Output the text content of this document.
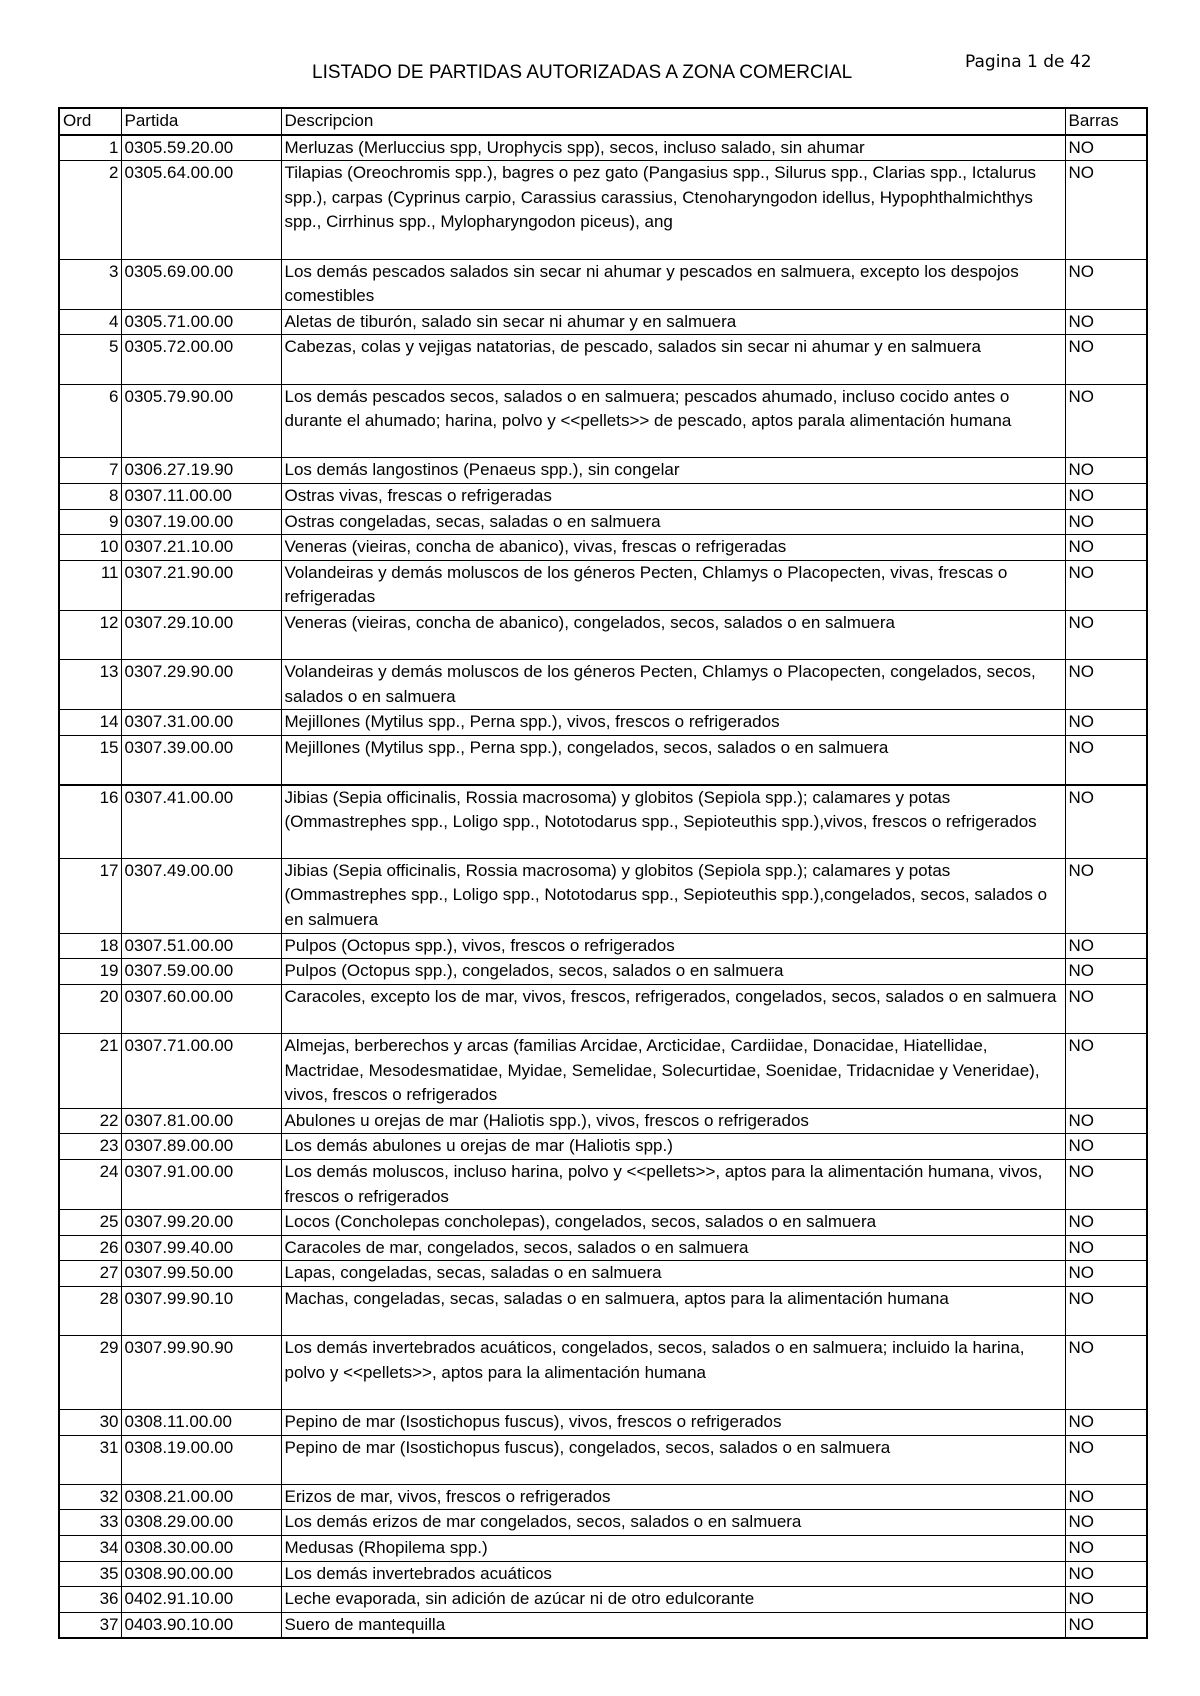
LISTADO DE PARTIDAS AUTORIZADAS A ZONA COMERCIAL	Pagina 1 de 42
Ord	Partida	Descripcion	Barras
1	0305.59.20.00	Merluzas (Merluccius spp, Urophycis spp), secos, incluso salado, sin ahumar	NO
2	0305.64.00.00	Tilapias (Oreochromis spp.), bagres o pez gato (Pangasius spp., Silurus spp., Clarias spp., Ictalurus spp.), carpas (Cyprinus carpio, Carassius carassius, Ctenoharyngodon idellus, Hypophthalmichthys spp., Cirrhinus spp., Mylopharyngodon piceus), ang	NO
3	0305.69.00.00	Los demás pescados salados sin secar ni ahumar y pescados en salmuera, excepto los despojos comestibles	NO
4	0305.71.00.00	Aletas de tiburón, salado sin secar ni ahumar y en salmuera	NO
5	0305.72.00.00	Cabezas, colas y vejigas natatorias, de pescado, salados sin secar ni ahumar y en salmuera	NO
6	0305.79.90.00	Los demás pescados secos, salados o en salmuera; pescados ahumado, incluso cocido antes o durante el ahumado; harina, polvo y <<pellets>> de pescado, aptos parala alimentación humana	NO
7	0306.27.19.90	Los demás langostinos (Penaeus spp.), sin congelar	NO
8	0307.11.00.00	Ostras vivas, frescas o refrigeradas	NO
9	0307.19.00.00	Ostras congeladas, secas, saladas o en salmuera	NO
10	0307.21.10.00	Veneras (vieiras, concha de abanico), vivas, frescas o refrigeradas	NO
11	0307.21.90.00	Volandeiras y demás moluscos de los géneros Pecten, Chlamys o Placopecten, vivas, frescas o refrigeradas	NO
12	0307.29.10.00	Veneras (vieiras, concha de abanico), congelados, secos, salados o en salmuera	NO
13	0307.29.90.00	Volandeiras y demás moluscos de los géneros Pecten, Chlamys o Placopecten, congelados, secos, salados o en salmuera	NO
14	0307.31.00.00	Mejillones (Mytilus spp., Perna spp.), vivos, frescos o refrigerados	NO
15	0307.39.00.00	Mejillones (Mytilus spp., Perna spp.), congelados, secos, salados o en salmuera	NO
16	0307.41.00.00	Jibias (Sepia officinalis, Rossia macrosoma) y globitos (Sepiola spp.); calamares y potas (Ommastrephes spp., Loligo spp., Nototodarus spp., Sepioteuthis spp.),vivos, frescos o refrigerados	NO
17	0307.49.00.00	Jibias (Sepia officinalis, Rossia macrosoma) y globitos (Sepiola spp.); calamares y potas (Ommastrephes spp., Loligo spp., Nototodarus spp., Sepioteuthis spp.),congelados, secos, salados o en salmuera	NO
18	0307.51.00.00	Pulpos (Octopus spp.), vivos, frescos o refrigerados	NO
19	0307.59.00.00	Pulpos (Octopus spp.), congelados, secos, salados o en salmuera	NO
20	0307.60.00.00	Caracoles, excepto los de mar, vivos, frescos, refrigerados, congelados, secos, salados o en salmuera	NO
21	0307.71.00.00	Almejas, berberechos y arcas (familias Arcidae, Arcticidae, Cardiidae, Donacidae, Hiatellidae, Mactridae, Mesodesmatidae, Myidae, Semelidae, Solecurtidae, Soenidae, Tridacnidae y Veneridae), vivos, frescos o refrigerados	NO
22	0307.81.00.00	Abulones u orejas de mar (Haliotis spp.), vivos, frescos o refrigerados	NO
23	0307.89.00.00	Los demás abulones u orejas de mar (Haliotis spp.)	NO
24	0307.91.00.00	Los demás moluscos, incluso harina, polvo y <<pellets>>, aptos para la alimentación humana, vivos, frescos o refrigerados	NO
25	0307.99.20.00	Locos (Concholepas concholepas), congelados, secos, salados o en salmuera	NO
26	0307.99.40.00	Caracoles de mar, congelados, secos, salados o en salmuera	NO
27	0307.99.50.00	Lapas, congeladas, secas, saladas o en salmuera	NO
28	0307.99.90.10	Machas, congeladas, secas, saladas o en salmuera, aptos para la alimentación humana	NO
29	0307.99.90.90	Los demás invertebrados acuáticos, congelados, secos, salados o en salmuera; incluido la harina, polvo y <<pellets>>, aptos para la alimentación humana	NO
30	0308.11.00.00	Pepino de mar (Isostichopus fuscus), vivos, frescos o refrigerados	NO
31	0308.19.00.00	Pepino de mar (Isostichopus fuscus), congelados, secos, salados o en salmuera	NO
32	0308.21.00.00	Erizos de mar, vivos, frescos o refrigerados	NO
33	0308.29.00.00	Los demás erizos de mar congelados, secos, salados o en salmuera	NO
34	0308.30.00.00	Medusas (Rhopilema spp.)	NO
35	0308.90.00.00	Los demás invertebrados acuáticos	NO
36	0402.91.10.00	Leche evaporada, sin adición de azúcar ni de otro edulcorante	NO
37	0403.90.10.00	Suero de mantequilla	NO
